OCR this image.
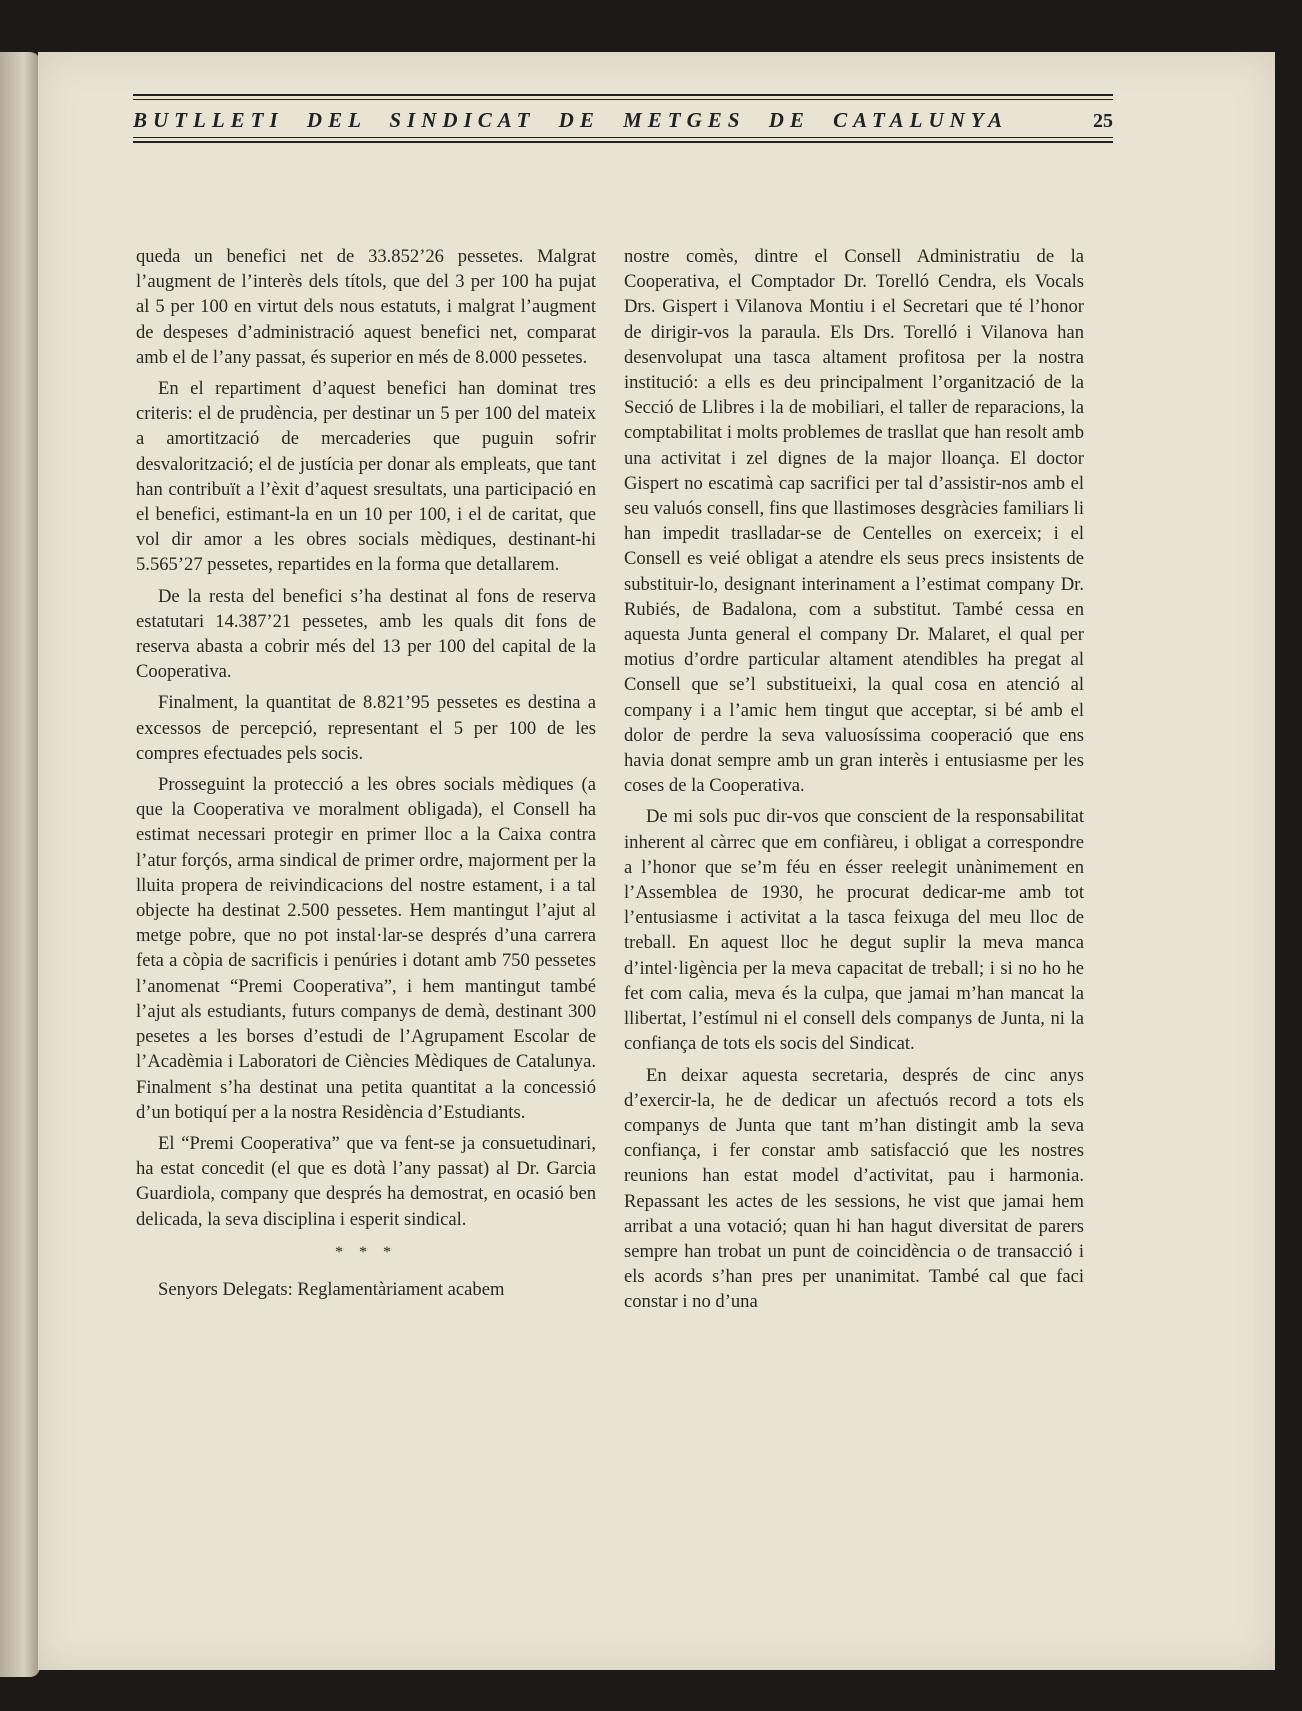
BUTLLETI DEL SINDICAT DE METGES DE CATALUNYA	25

queda un benefici net de 33.852’26 pessetes. Malgrat l’augment de l’interès dels títols, que del 3 per 100 ha pujat al 5 per 100 en virtut dels nous estatuts, i malgrat l’augment de despeses d’administració aquest benefici net, comparat amb el de l’any passat, és superior en més de 8.000 pessetes.

En el repartiment d’aquest benefici han dominat tres criteris: el de prudència, per destinar un 5 per 100 del mateix a amortització de mercaderies que puguin sofrir desvalorització; el de justícia per donar als empleats, que tant han contribuït a l’èxit d’aquest sresultats, una participació en el benefici, estimant-la en un 10 per 100, i el de caritat, que vol dir amor a les obres socials mèdiques, destinant-hi 5.565’27 pessetes, repartides en la forma que detallarem.

De la resta del benefici s’ha destinat al fons de reserva estatutari 14.387’21 pessetes, amb les quals dit fons de reserva abasta a cobrir més del 13 per 100 del capital de la Cooperativa.

Finalment, la quantitat de 8.821’95 pessetes es destina a excessos de percepció, representant el 5 per 100 de les compres efectuades pels socis.

Prosseguint la protecció a les obres socials mèdiques (a que la Cooperativa ve moralment obligada), el Consell ha estimat necessari protegir en primer lloc a la Caixa contra l’atur forçós, arma sindical de primer ordre, majorment per la lluita propera de reivindicacions del nostre estament, i a tal objecte ha destinat 2.500 pessetes. Hem mantingut l’ajut al metge pobre, que no pot instal·lar-se després d’una carrera feta a còpia de sacrificis i penúries i dotant amb 750 pessetes l’anomenat “Premi Cooperativa”, i hem mantingut també l’ajut als estudiants, futurs companys de demà, destinant 300 pesetes a les borses d’estudi de l’Agrupament Escolar de l’Acadèmia i Laboratori de Ciències Mèdiques de Catalunya. Finalment s’ha destinat una petita quantitat a la concessió d’un botiquí per a la nostra Residència d’Estudiants.

El “Premi Cooperativa” que va fent-se ja consuetudinari, ha estat concedit (el que es dotà l’any passat) al Dr. Garcia Guardiola, company que després ha demostrat, en ocasió ben delicada, la seva disciplina i esperit sindical.

* * *

Senyors Delegats: Reglamentàriament acabem

nostre comès, dintre el Consell Administratiu de la Cooperativa, el Comptador Dr. Torelló Cendra, els Vocals Drs. Gispert i Vilanova Montiu i el Secretari que té l’honor de dirigir-vos la paraula. Els Drs. Torelló i Vilanova han desenvolupat una tasca altament profitosa per la nostra institució: a ells es deu principalment l’organització de la Secció de Llibres i la de mobiliari, el taller de reparacions, la comptabilitat i molts problemes de trasllat que han resolt amb una activitat i zel dignes de la major lloança. El doctor Gispert no escatimà cap sacrifici per tal d’assistir-nos amb el seu valuós consell, fins que llastimoses desgràcies familiars li han impedit traslladar-se de Centelles on exerceix; i el Consell es veié obligat a atendre els seus precs insistents de substituir-lo, designant interinament a l’estimat company Dr. Rubiés, de Badalona, com a substitut. També cessa en aquesta Junta general el company Dr. Malaret, el qual per motius d’ordre particular altament atendibles ha pregat al Consell que se’l substitueixi, la qual cosa en atenció al company i a l’amic hem tingut que acceptar, si bé amb el dolor de perdre la seva valuosíssima cooperació que ens havia donat sempre amb un gran interès i entusiasme per les coses de la Cooperativa.

De mi sols puc dir-vos que conscient de la responsabilitat inherent al càrrec que em confiàreu, i obligat a correspondre a l’honor que se’m féu en ésser reelegit unànimement en l’Assemblea de 1930, he procurat dedicar-me amb tot l’entusiasme i activitat a la tasca feixuga del meu lloc de treball. En aquest lloc he degut suplir la meva manca d’intel·ligència per la meva capacitat de treball; i si no ho he fet com calia, meva és la culpa, que jamai m’han mancat la llibertat, l’estímul ni el consell dels companys de Junta, ni la confiança de tots els socis del Sindicat.

En deixar aquesta secretaria, després de cinc anys d’exercir-la, he de dedicar un afectuós record a tots els companys de Junta que tant m’han distingit amb la seva confiança, i fer constar amb satisfacció que les nostres reunions han estat model d’activitat, pau i harmonia. Repassant les actes de les sessions, he vist que jamai hem arribat a una votació; quan hi han hagut diversitat de parers sempre han trobat un punt de coincidència o de transacció i els acords s’han pres per unanimitat. També cal que faci constar i no d’una
